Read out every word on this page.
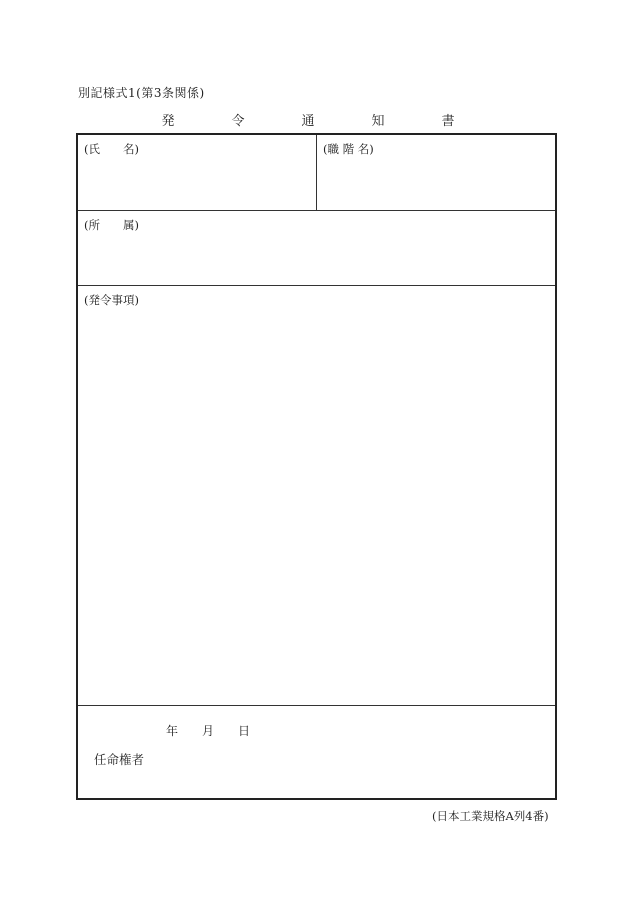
別記様式1(第3条関係)
発　令　通　知　書
(氏　　名)	(職 階 名)
(所　　属)
(発令事項)
年　　月　　日
任命権者
(日本工業規格A列4番)
